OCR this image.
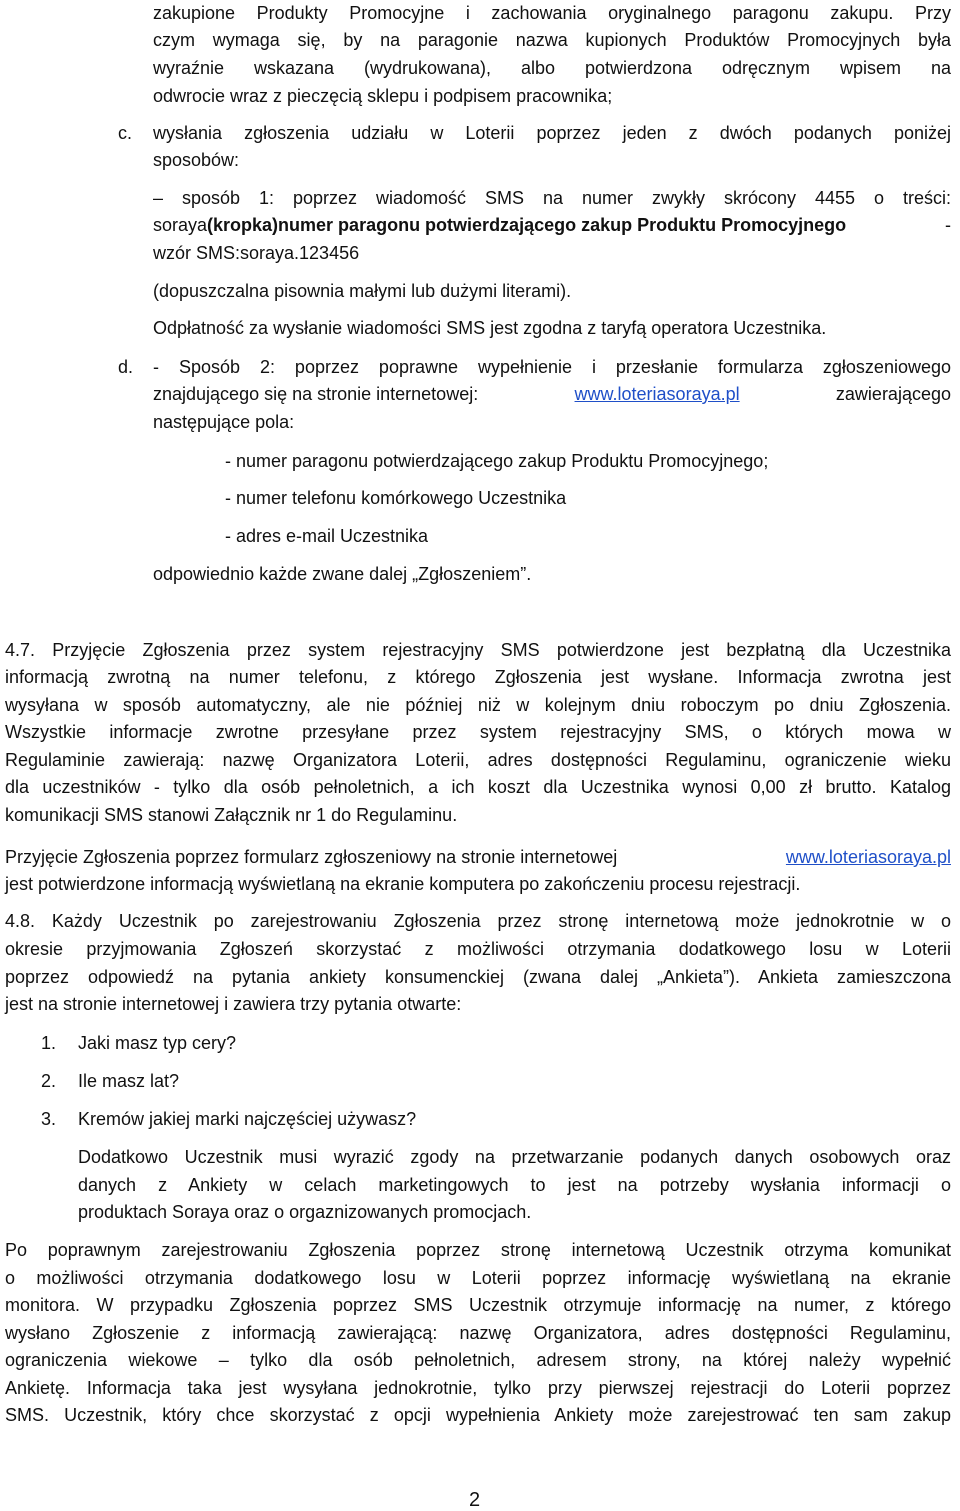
zakupione Produkty Promocyjne i zachowania oryginalnego paragonu zakupu. Przy

czym wymaga się, by na paragonie nazwa kupionych Produktów Promocyjnych była

wyraźnie wskazana (wydrukowana), albo potwierdzona odręcznym wpisem na

odwrocie wraz z pieczęcią sklepu i podpisem pracownika;

c. wysłania zgłoszenia udziału w Loterii poprzez jeden z dwóch podanych poniżej

sposobów:

– sposób 1: poprzez wiadomość SMS na numer zwykły skrócony 4455 o treści:

soraya(kropka)numer paragonu potwierdzającego zakup Produktu Promocyjnego	-

wzór SMS:soraya.123456

(dopuszczalna pisownia małymi lub dużymi literami).

Odpłatność za wysłanie wiadomości SMS jest zgodna z taryfą operatora Uczestnika.

d. - Sposób 2: poprzez poprawne wypełnienie i przesłanie formularza zgłoszeniowego

znajdującego się na stronie internetowej:	www.loteriasoraya.pl	zawierającego

następujące pola:

- numer paragonu potwierdzającego zakup Produktu Promocyjnego;

- numer telefonu komórkowego Uczestnika

- adres e-mail Uczestnika

odpowiednio każde zwane dalej „Zgłoszeniem”.

4.7. Przyjęcie Zgłoszenia przez system rejestracyjny SMS potwierdzone jest bezpłatną dla Uczestnika

informacją zwrotną na numer telefonu, z którego Zgłoszenia jest wysłane. Informacja zwrotna jest

wysyłana w sposób automatyczny, ale nie później niż w kolejnym dniu roboczym po dniu Zgłoszenia.

Wszystkie informacje zwrotne przesyłane przez system rejestracyjny SMS, o których mowa w

Regulaminie zawierają: nazwę Organizatora Loterii, adres dostępności Regulaminu, ograniczenie wieku

dla uczestników - tylko dla osób pełnoletnich, a ich koszt dla Uczestnika wynosi 0,00 zł brutto. Katalog

komunikacji SMS stanowi Załącznik nr 1 do Regulaminu.

Przyjęcie Zgłoszenia poprzez formularz zgłoszeniowy na stronie internetowej	www.loteriasoraya.pl

jest potwierdzone informacją wyświetlaną na ekranie komputera po zakończeniu procesu rejestracji.

4.8. Każdy Uczestnik po zarejestrowaniu Zgłoszenia przez stronę internetową może jednokrotnie w o

okresie przyjmowania Zgłoszeń skorzystać z możliwości otrzymania dodatkowego losu w Loterii

poprzez odpowiedź na pytania ankiety konsumenckiej (zwana dalej „Ankieta”). Ankieta zamieszczona

jest na stronie internetowej i zawiera trzy pytania otwarte:

1. Jaki masz typ cery?

2. Ile masz lat?

3. Kremów jakiej marki najczęściej używasz?

Dodatkowo Uczestnik musi wyrazić zgody na przetwarzanie podanych danych osobowych oraz

danych z Ankiety w celach marketingowych to jest na potrzeby wysłania informacji o

produktach Soraya oraz o orgaznizowanych promocjach.

Po poprawnym zarejestrowaniu Zgłoszenia poprzez stronę internetową Uczestnik otrzyma komunikat

o możliwości otrzymania dodatkowego losu w Loterii poprzez informację wyświetlaną na ekranie

monitora. W przypadku Zgłoszenia poprzez SMS Uczestnik otrzymuje informację na numer, z którego

wysłano Zgłoszenie z informacją zawierającą: nazwę Organizatora, adres dostępności Regulaminu,

ograniczenia wiekowe – tylko dla osób pełnoletnich, adresem strony, na której należy wypełnić

Ankietę. Informacja taka jest wysyłana jednokrotnie, tylko przy pierwszej rejestracji do Loterii poprzez

SMS. Uczestnik, który chce skorzystać z opcji wypełnienia Ankiety może zarejestrować ten sam zakup

2
